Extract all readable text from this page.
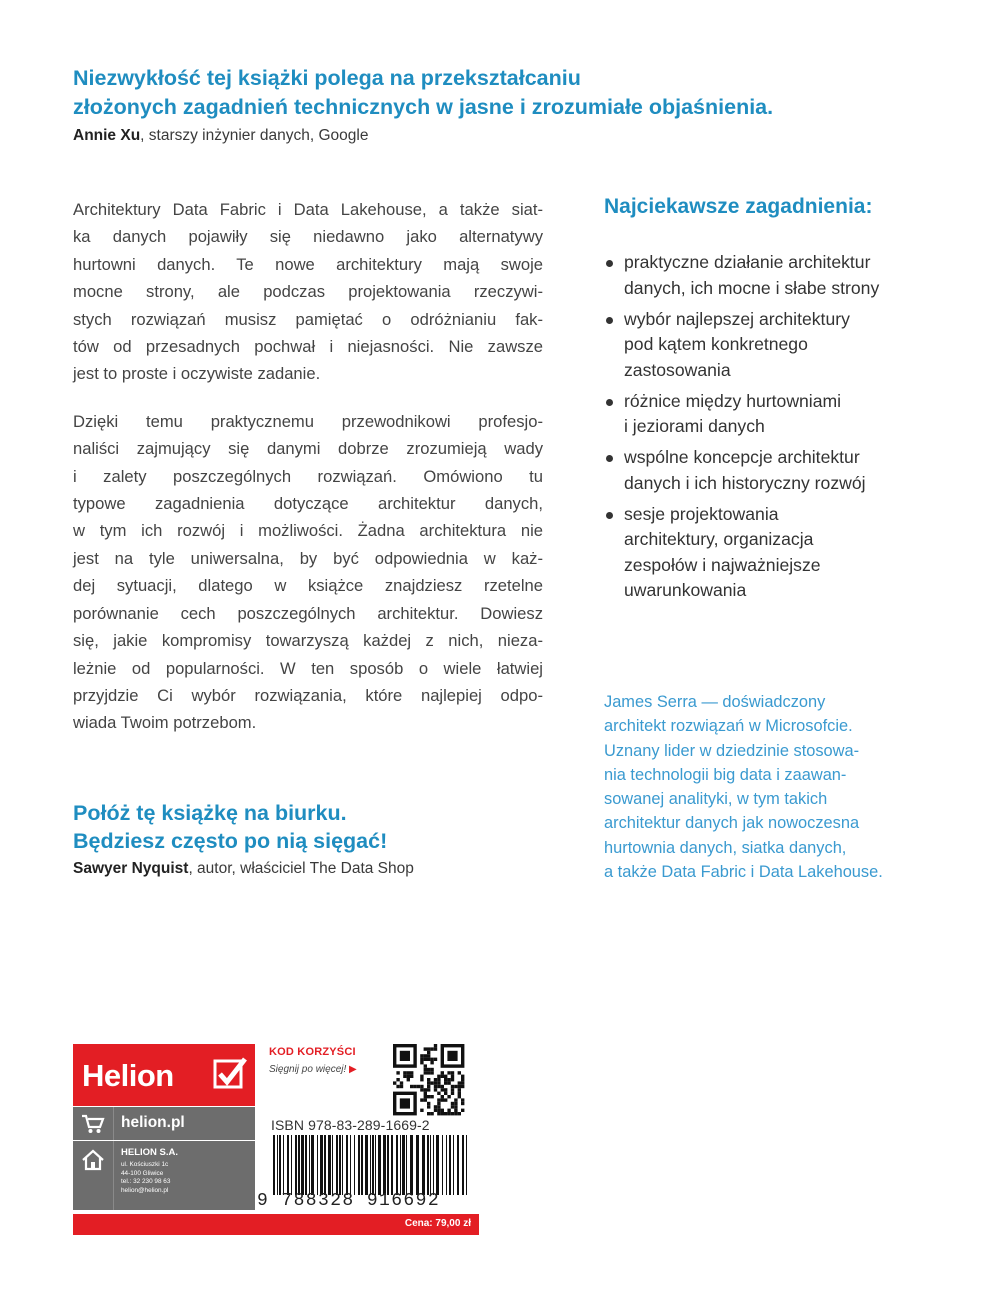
Niezwykłość tej książki polega na przekształcaniu
złożonych zagadnień technicznych w jasne i zrozumiałe objaśnienia.
Annie Xu, starszy inżynier danych, Google

Architektury Data Fabric i Data Lakehouse, a także siat-
ka danych pojawiły się niedawno jako alternatywy
hurtowni danych. Te nowe architektury mają swoje
mocne strony, ale podczas projektowania rzeczywi-
stych rozwiązań musisz pamiętać o odróżnianiu fak-
tów od przesadnych pochwał i niejasności. Nie zawsze
jest to proste i oczywiste zadanie.

Dzięki temu praktycznemu przewodnikowi profesjo-
naliści zajmujący się danymi dobrze zrozumieją wady
i zalety poszczególnych rozwiązań. Omówiono tu
typowe zagadnienia dotyczące architektur danych,
w tym ich rozwój i możliwości. Żadna architektura nie
jest na tyle uniwersalna, by być odpowiednia w każ-
dej sytuacji, dlatego w książce znajdziesz rzetelne
porównanie cech poszczególnych architektur. Dowiesz
się, jakie kompromisy towarzyszą każdej z nich, nieza-
leżnie od popularności. W ten sposób o wiele łatwiej
przyjdzie Ci wybór rozwiązania, które najlepiej odpo-
wiada Twoim potrzebom.

Najciekawsze zagadnienia:
praktyczne działanie architektur
danych, ich mocne i słabe strony
wybór najlepszej architektury
pod kątem konkretnego
zastosowania
różnice między hurtowniami
i jeziorami danych
wspólne koncepcje architektur
danych i ich historyczny rozwój
sesje projektowania
architektury, organizacja
zespołów i najważniejsze
uwarunkowania
James Serra — doświadczony
architekt rozwiązań w Microsofcie.
Uznany lider w dziedzinie stosowa-
nia technologii big data i zaawan-
sowanej analityki, w tym takich
architektur danych jak nowoczesna
hurtownia danych, siatka danych,
a także Data Fabric i Data Lakehouse.
Połóż tę książkę na biurku.
Będziesz często po nią sięgać!
Sawyer Nyquist, autor, właściciel The Data Shop
Helion
helion.pl
HELION S.A.
ul. Kościuszki 1c
44-100 Gliwice
tel.: 32 230 98 63
helion@helion.pl
KOD KORZYŚCI
Sięgnij po więcej! ▶
ISBN 978-83-289-1669-2
9 788328 916692
Cena: 79,00 zł
